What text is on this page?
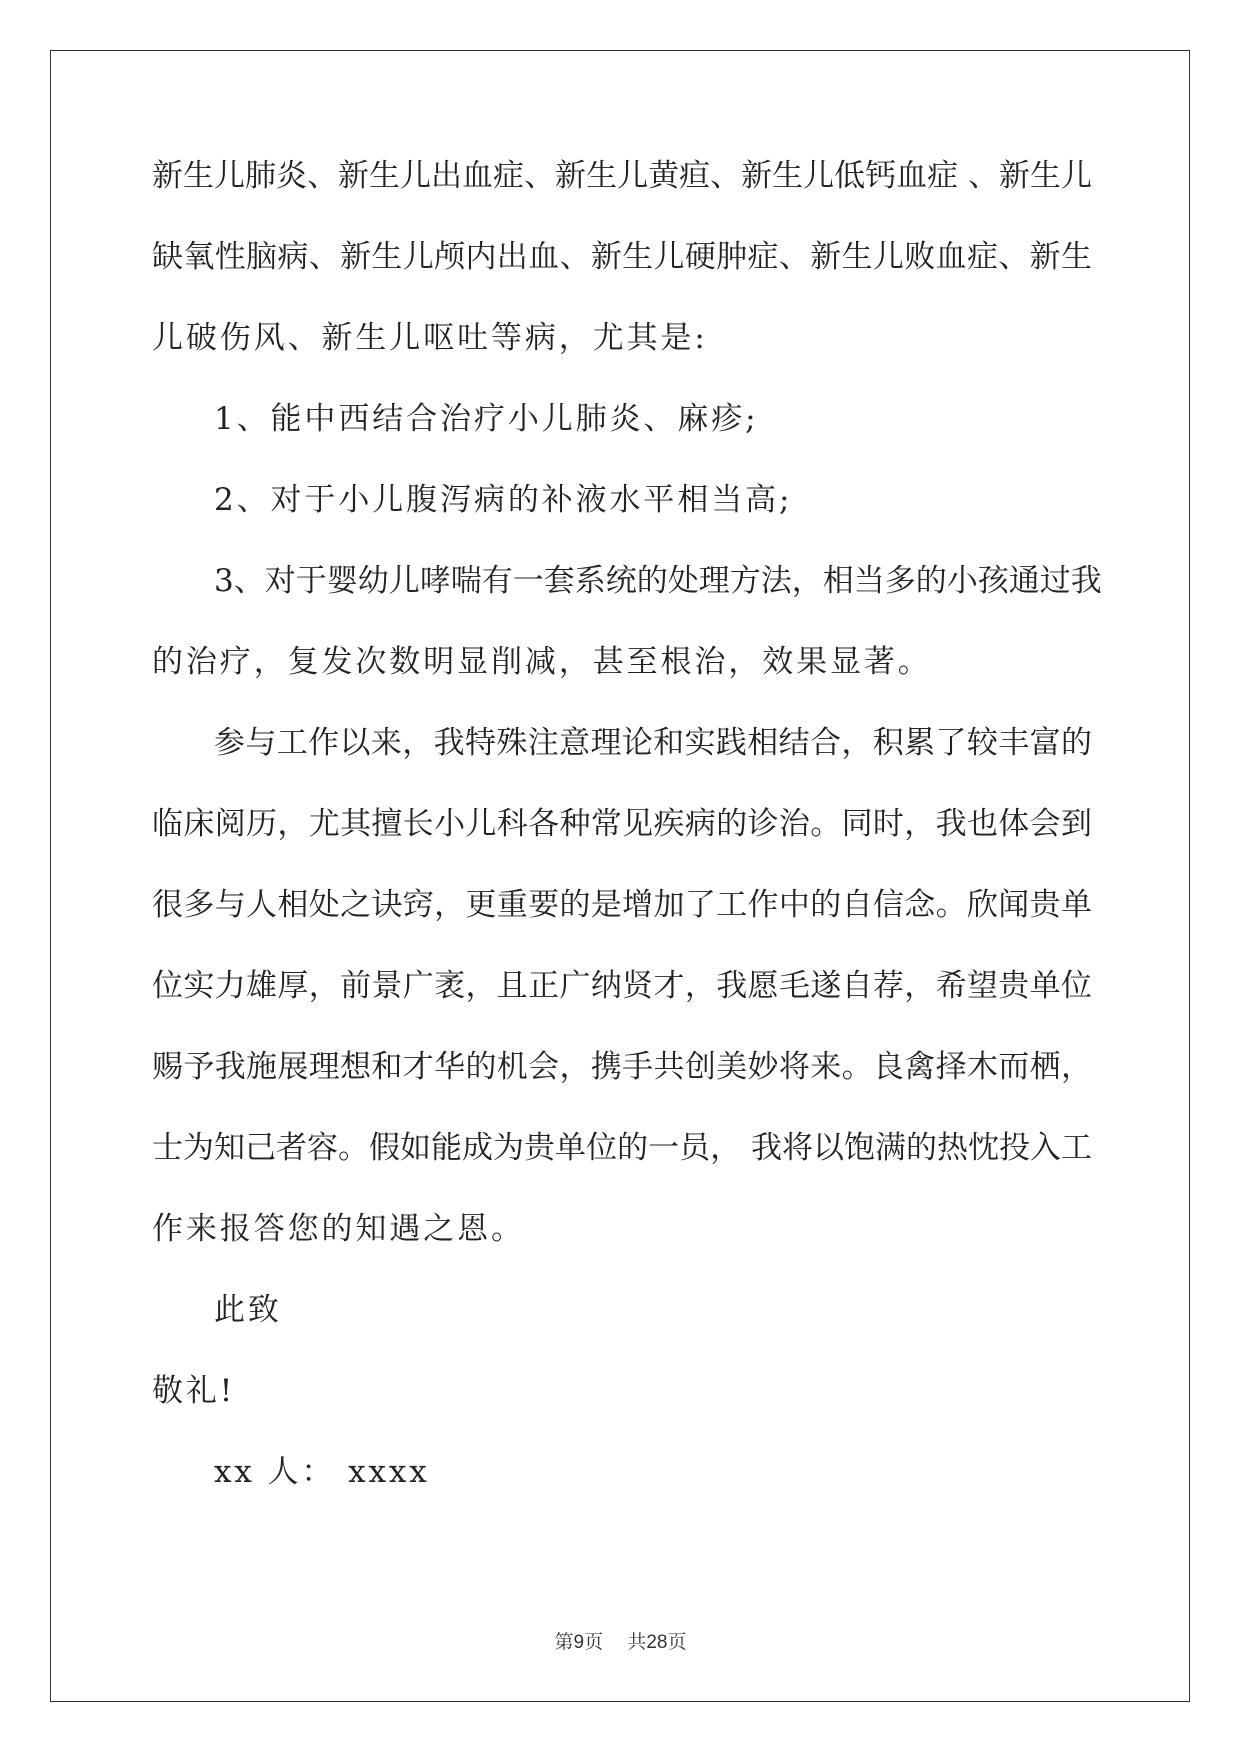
新生儿肺炎、新生儿出血症、新生儿黄疸、新生儿低钙血症 、新生儿
缺氧性脑病、新生儿颅内出血、新生儿硬肿症、新生儿败血症、新生
儿破伤风、新生儿呕吐等病，尤其是:
1、能中西结合治疗小儿肺炎、麻疹;
2、对于小儿腹泻病的补液水平相当高;
3、对于婴幼儿哮喘有一套系统的处理方法，相当多的小孩通过我
的治疗，复发次数明显削减，甚至根治，效果显著。
参与工作以来，我特殊注意理论和实践相结合，积累了较丰富的
临床阅历，尤其擅长小儿科各种常见疾病的诊治。同时，我也体会到
很多与人相处之诀窍，更重要的是增加了工作中的自信念。欣闻贵单
位实力雄厚，前景广袤，且正广纳贤才，我愿毛遂自荐，希望贵单位
赐予我施展理想和才华的机会，携手共创美妙将来。良禽择木而栖，
士为知己者容。假如能成为贵单位的一员， 我将以饱满的热忱投入工
作来报答您的知遇之恩。
此致
敬礼!
xx 人： xxxx
第9页 共28页
